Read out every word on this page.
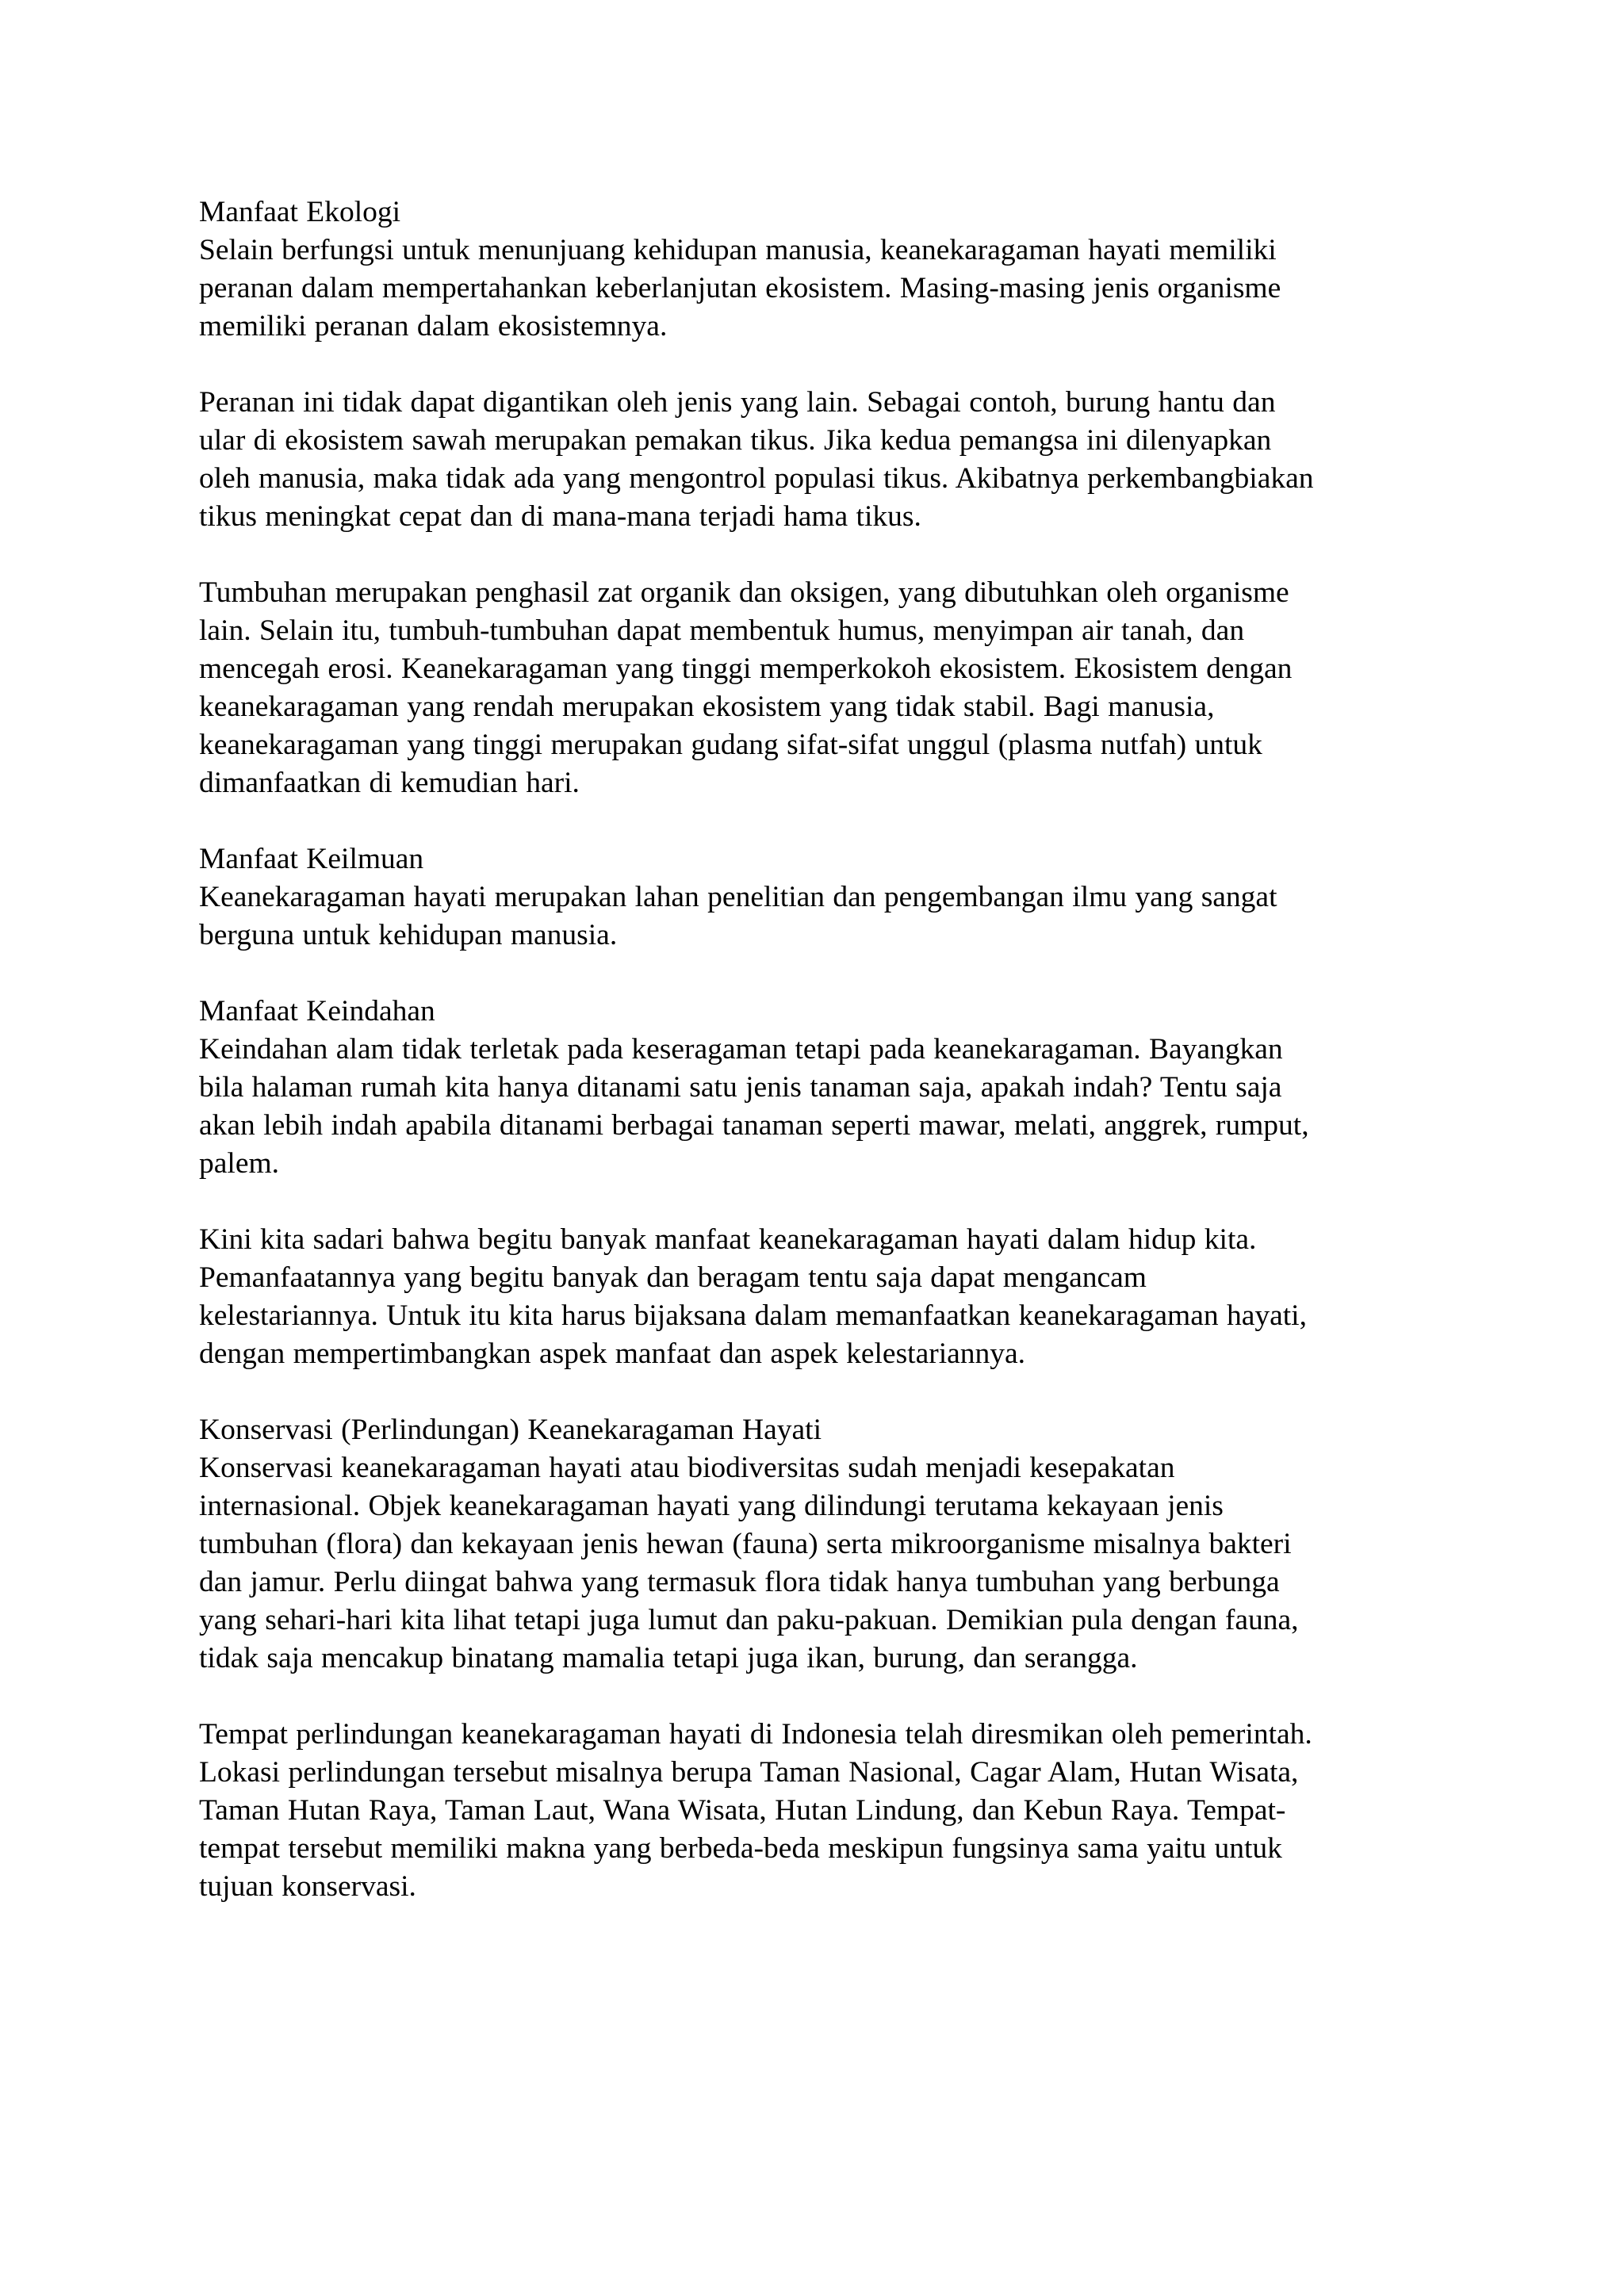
Manfaat Ekologi
Selain berfungsi untuk menunjuang kehidupan manusia, keanekaragaman hayati memiliki
peranan dalam mempertahankan keberlanjutan ekosistem. Masing-masing jenis organisme
memiliki peranan dalam ekosistemnya.
Peranan ini tidak dapat digantikan oleh jenis yang lain. Sebagai contoh, burung hantu dan
ular di ekosistem sawah merupakan pemakan tikus. Jika kedua pemangsa ini dilenyapkan
oleh manusia, maka tidak ada yang mengontrol populasi tikus. Akibatnya perkembangbiakan
tikus meningkat cepat dan di mana-mana terjadi hama tikus.
Tumbuhan merupakan penghasil zat organik dan oksigen, yang dibutuhkan oleh organisme
lain. Selain itu, tumbuh-tumbuhan dapat membentuk humus, menyimpan air tanah, dan
mencegah erosi. Keanekaragaman yang tinggi memperkokoh ekosistem. Ekosistem dengan
keanekaragaman yang rendah merupakan ekosistem yang tidak stabil. Bagi manusia,
keanekaragaman yang tinggi merupakan gudang sifat-sifat unggul (plasma nutfah) untuk
dimanfaatkan di kemudian hari.
Manfaat Keilmuan
Keanekaragaman hayati merupakan lahan penelitian dan pengembangan ilmu yang sangat
berguna untuk kehidupan manusia.
Manfaat Keindahan
Keindahan alam tidak terletak pada keseragaman tetapi pada keanekaragaman. Bayangkan
bila halaman rumah kita hanya ditanami satu jenis tanaman saja, apakah indah? Tentu saja
akan lebih indah apabila ditanami berbagai tanaman seperti mawar, melati, anggrek, rumput,
palem.
Kini kita sadari bahwa begitu banyak manfaat keanekaragaman hayati dalam hidup kita.
Pemanfaatannya yang begitu banyak dan beragam tentu saja dapat mengancam
kelestariannya. Untuk itu kita harus bijaksana dalam memanfaatkan keanekaragaman hayati,
dengan mempertimbangkan aspek manfaat dan aspek kelestariannya.
Konservasi (Perlindungan) Keanekaragaman Hayati
Konservasi keanekaragaman hayati atau biodiversitas sudah menjadi kesepakatan
internasional. Objek keanekaragaman hayati yang dilindungi terutama kekayaan jenis
tumbuhan (flora) dan kekayaan jenis hewan (fauna) serta mikroorganisme misalnya bakteri
dan jamur. Perlu diingat bahwa yang termasuk flora tidak hanya tumbuhan yang berbunga
yang sehari-hari kita lihat tetapi juga lumut dan paku-pakuan. Demikian pula dengan fauna,
tidak saja mencakup binatang mamalia tetapi juga ikan, burung, dan serangga.
Tempat perlindungan keanekaragaman hayati di Indonesia telah diresmikan oleh pemerintah.
Lokasi perlindungan tersebut misalnya berupa Taman Nasional, Cagar Alam, Hutan Wisata,
Taman Hutan Raya, Taman Laut, Wana Wisata, Hutan Lindung, dan Kebun Raya. Tempat-
tempat tersebut memiliki makna yang berbeda-beda meskipun fungsinya sama yaitu untuk
tujuan konservasi.
